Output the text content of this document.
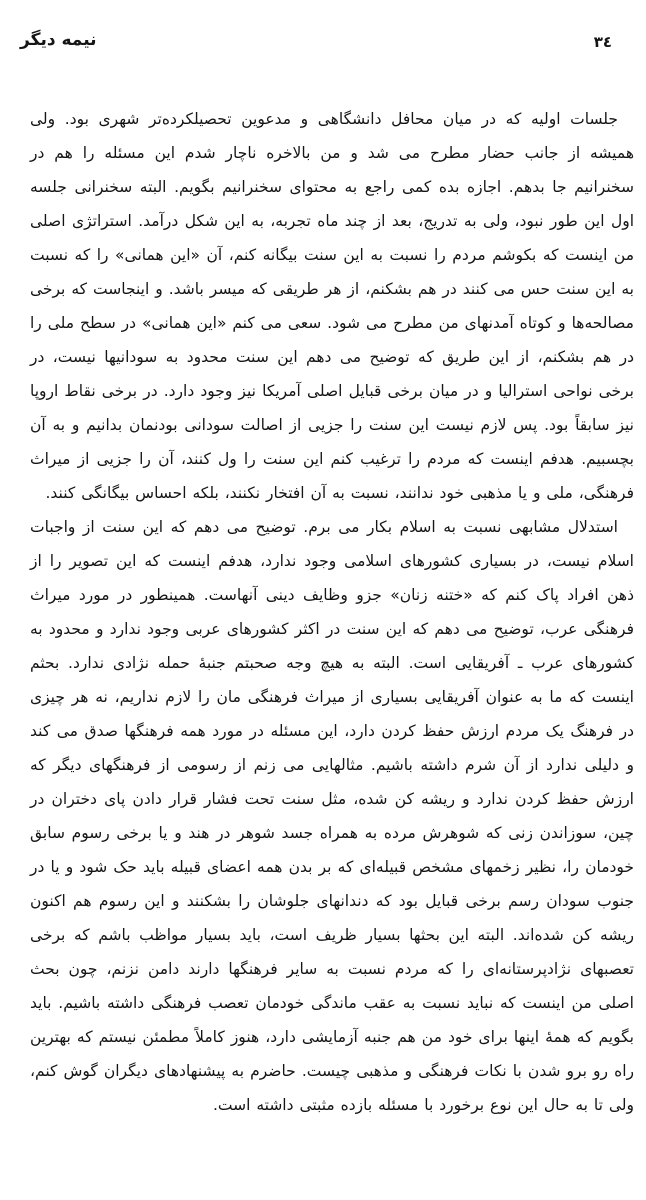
نیمه دیگر	٣٤

جلسات اولیه که در میان محافل دانشگاهی و مدعوین تحصیلکرده‌تر شهری بود. ولی همیشه از جانب حضار مطرح می شد و من بالاخره ناچار شدم این مسئله را هم در سخنرانیم جا بدهم. اجازه بده کمی راجع به محتوای سخنرانیم بگویم. البته سخنرانی جلسه اول این طور نبود، ولی به تدریج، بعد از چند ماه تجربه، به این شکل درآمد. استراتژی اصلی من اینست که بکوشم مردم را نسبت به این سنت بیگانه کنم، آن «این همانی» را که نسبت به این سنت حس می کنند در هم بشکنم، از هر طریقی که میسر باشد. و اینجاست که برخی مصالحه‌ها و کوتاه آمدنهای من مطرح می شود. سعی می کنم «این همانی» در سطح ملی را در هم بشکنم، از این طریق که توضیح می دهم این سنت محدود به سودانیها نیست، در برخی نواحی استرالیا و در میان برخی قبایل اصلی آمریکا نیز وجود دارد. در برخی نقاط اروپا نیز سابقاً بود. پس لازم نیست این سنت را جزیی از اصالت سودانی بودنمان بدانیم و به آن بچسبیم. هدفم اینست که مردم را ترغیب کنم این سنت را ول کنند، آن را جزیی از میراث فرهنگی، ملی و یا مذهبی خود ندانند، نسبت به آن افتخار نکنند، بلکه احساس بیگانگی کنند.

استدلال مشابهی نسبت به اسلام بکار می برم. توضیح می دهم که این سنت از واجبات اسلام نیست، در بسیاری کشورهای اسلامی وجود ندارد، هدفم اینست که این تصویر را از ذهن افراد پاک کنم که «ختنه زنان» جزو وظایف دینی آنهاست. همینطور در مورد میراث فرهنگی عرب، توضیح می دهم که این سنت در اکثر کشورهای عربی وجود ندارد و محدود به کشورهای عرب ـ آفریقایی است. البته به هیچ وجه صحبتم جنبهٔ حمله نژادی ندارد. بحثم اینست که ما به عنوان آفریقایی بسیاری از میراث فرهنگی مان را لازم نداریم، نه هر چیزی در فرهنگ یک مردم ارزش حفظ کردن دارد، این مسئله در مورد همه فرهنگها صدق می کند و دلیلی ندارد از آن شرم داشته باشیم. مثالهایی می زنم از رسومی از فرهنگهای دیگر که ارزش حفظ کردن ندارد و ریشه کن شده، مثل سنت تحت فشار قرار دادن پای دختران در چین، سوزاندن زنی که شوهرش مرده به همراه جسد شوهر در هند و یا برخی رسوم سابق خودمان را، نظیر زخمهای مشخص قبیله‌ای که بر بدن همه اعضای قبیله باید حک شود و یا در جنوب سودان رسم برخی قبایل بود که دندانهای جلوشان را بشکنند و این رسوم هم اکنون ریشه کن شده‌اند. البته این بحثها بسیار ظریف است، باید بسیار مواظب باشم که برخی تعصبهای نژادپرستانه‌ای را که مردم نسبت به سایر فرهنگها دارند دامن نزنم، چون بحث اصلی من اینست که نباید نسبت به عقب ماندگی خودمان تعصب فرهنگی داشته باشیم. باید بگویم که همهٔ اینها برای خود من هم جنبه آزمایشی دارد، هنوز کاملاً مطمئن نیستم که بهترین راه رو برو شدن با نکات فرهنگی و مذهبی چیست. حاضرم به پیشنهادهای دیگران گوش کنم، ولی تا به حال این نوع برخورد با مسئله بازده مثبتی داشته است.
